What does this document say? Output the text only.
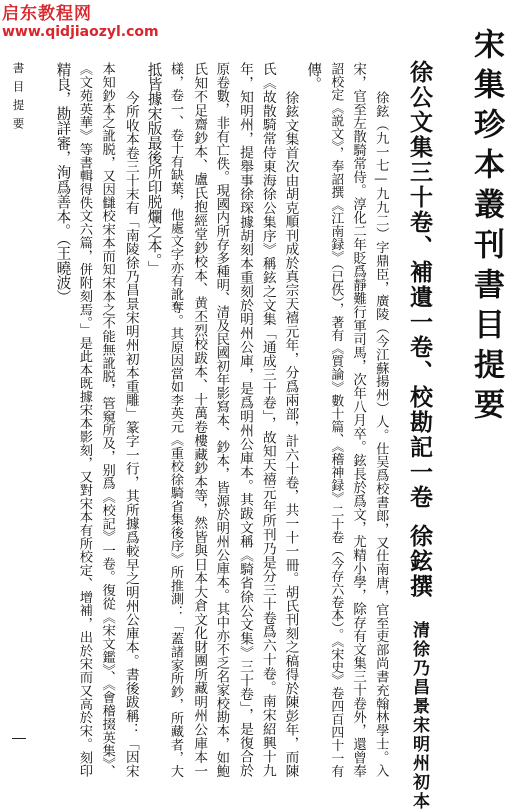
启东教程网
www.qidjiaozyl.com	宋集珍本叢刊書目提要
徐公文集三十卷、補遺一卷、校勘記一卷徐鉉撰清徐乃昌景宋明州初本
徐鉉（九一七—九九二）字鼎臣，廣陵（今江蘇揚州）人。仕吴爲校書郎，又仕南唐，官至吏部尚書充翰林學士。入
宋，官至左散騎常侍。淳化二年貶爲靜難行軍司馬，次年八月卒。鉉長於爲文，尤精小學，除存有文集三十卷外，還曾奉
詔校定《説文》，奉詔撰《江南録》（已佚），著有《質論》數十篇、《稽神録》二十卷（今存六卷本）。《宋史》卷四百四十一有
傳。
徐鉉文集首次由胡克順刊成於真宗天禧元年，分爲兩部，計六十卷，共一十一冊。胡氏刊刻之稿得於陳彭年，而陳
氏《故散騎常侍東海徐公集序》稱鉉之文集「通成三十卷」，故知天禧元年所刊乃是分三十卷爲六十卷。南宋紹興十九
年，知明州，提舉事徐琛據胡刻本重刻於明州公庫，是爲明州公庫本。其跋文稱《騎省徐公文集》三十卷」，是復合於
原卷數，非有亡佚。現國内所存多種明、清及民國初年影寫本、鈔本，皆源於明州公庫本。其中亦不乏名家校勘本，如鮑
氏知不足齋鈔本、盧氏抱經堂鈔校本、黄丕烈校跋本、十萬卷樓藏鈔本等，然皆與日本大倉文化財團所藏明州公庫本一
樣，卷一、卷十有缺葉，他處文字亦有訛奪。其原因當如李英元《重校徐騎省集後序》所推測：「蓋諸家所鈔，所藏者，大
抵皆據宋版最後所印脱爛之本。」
今所收本卷三十末有「南陵徐乃昌景宋明州初本重雕」篆字一行，其所據爲較早之明州公庫本。書後跋稱：「因宋
本知鈔本之訛脱，又因讎校宋本而知宋本之不能無訛脱，管窺所及，别爲《校記》一卷。復從《宋文鑑》、《會稽掇英集》、
《文苑英華》等書輯得佚文六篇，併附刻焉。」是此本既據宋本影刻，又對宋本有所校定、增補，出於宋而又高於宋。刻印
精良，勘詳審，洵爲善本。（王曉波）
書目提要
